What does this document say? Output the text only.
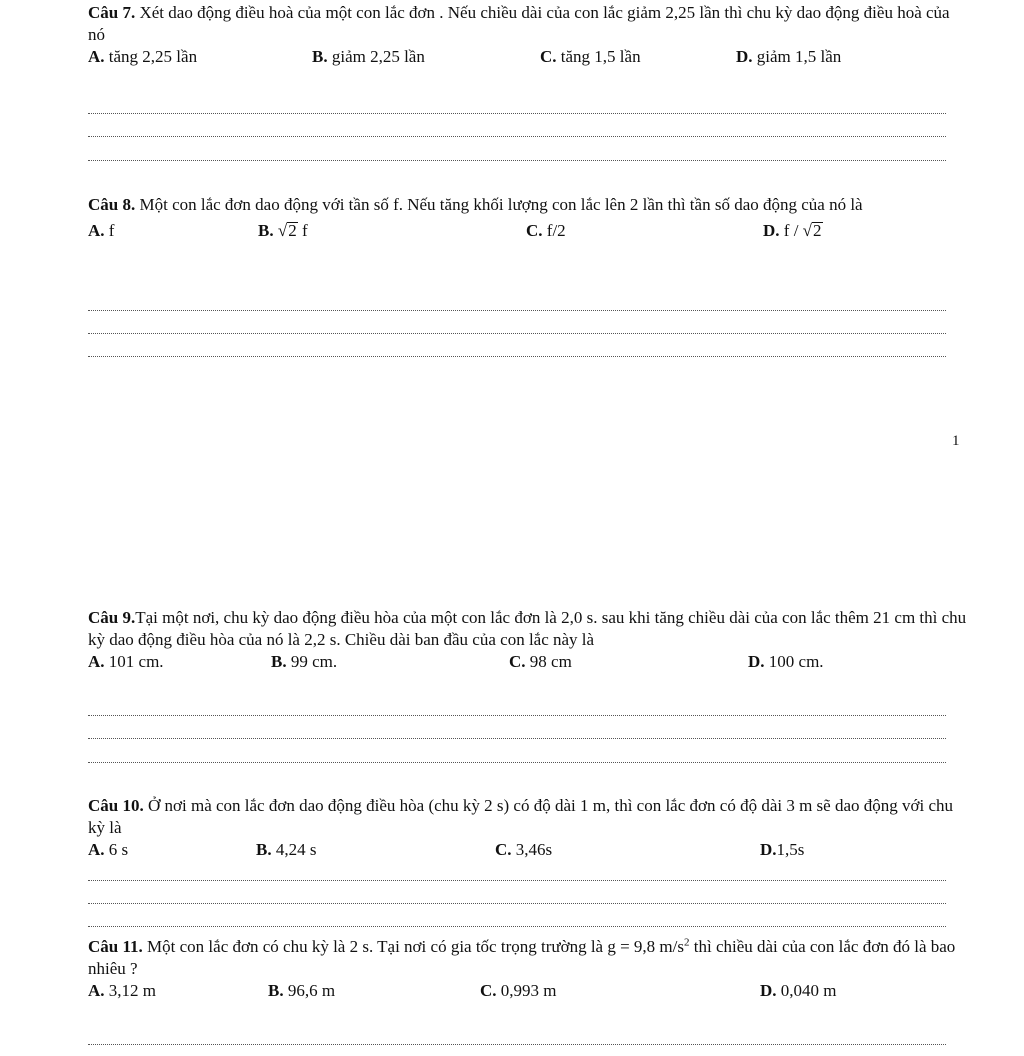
Câu 7. Xét dao động điều hoà của một con lắc đơn . Nếu chiều dài của con lắc giảm 2,25 lần thì chu kỳ dao động điều hoà của nó

A. tăng 2,25 lần	B. giảm 2,25 lần	C. tăng 1,5 lần	D. giảm 1,5 lần

Câu 8. Một con lắc đơn dao động với tần số f. Nếu tăng khối lượng con lắc lên 2 lần thì tần số dao động của nó là

A. f	B. √2 f	C. f/2	D. f / √2
1

Câu 9.Tại một nơi, chu kỳ dao động điều hòa của một con lắc đơn là 2,0 s. sau khi tăng chiều dài của con lắc thêm 21 cm thì chu kỳ dao động điều hòa của nó là 2,2 s. Chiều dài ban đầu của con lắc này là

A. 101 cm.	B. 99 cm.	C. 98 cm	D. 100 cm.

Câu 10. Ở nơi mà con lắc đơn dao động điều hòa (chu kỳ 2 s) có độ dài 1 m, thì con lắc đơn có độ dài 3 m sẽ dao động với chu kỳ là

A. 6 s	B. 4,24 s	C. 3,46s	D.1,5s

Câu 11. Một con lắc đơn có chu kỳ là 2 s. Tại nơi có gia tốc trọng trường là g = 9,8 $m/s^2$ thì chiều dài của con lắc đơn đó là bao nhiêu ?

A. 3,12 m	B. 96,6 m	C. 0,993 m	D. 0,040 m
